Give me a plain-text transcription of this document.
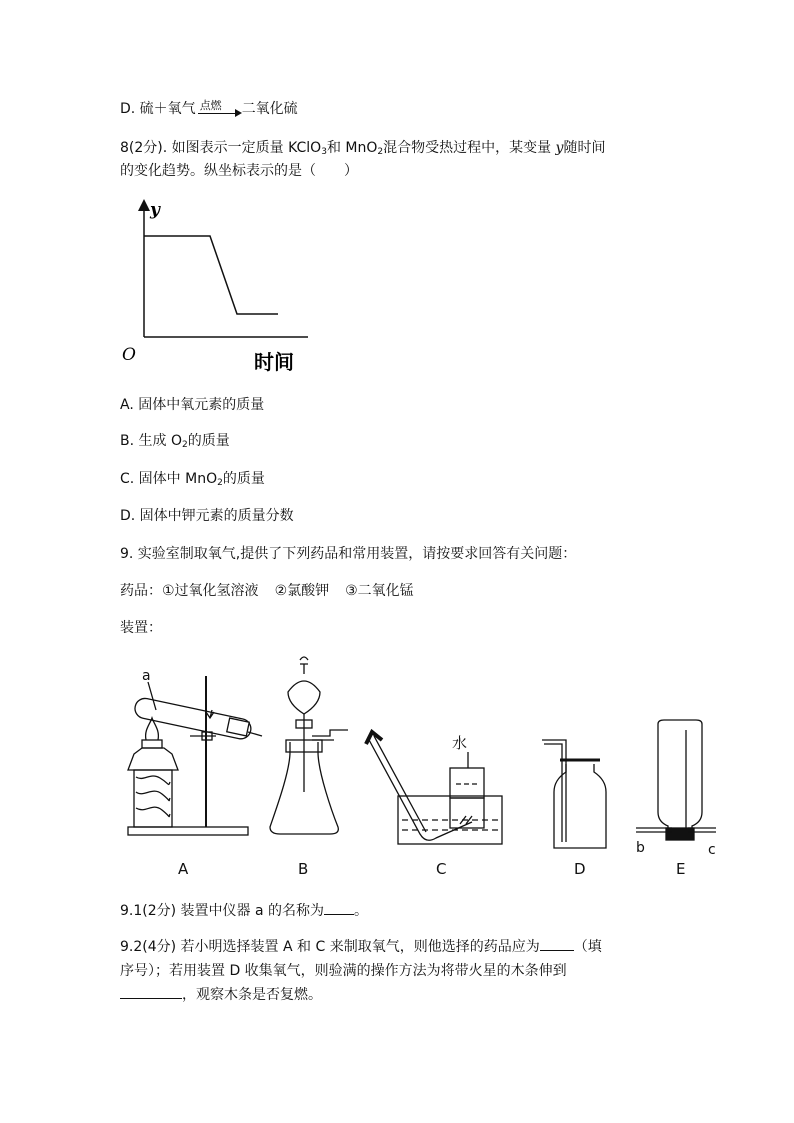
D. 硫＋氧气 点燃 二氧化硫
8(2分). 如图表示一定质量 KClO$_3$和 MnO$_2$混合物受热过程中，某变量 y随时间
的变化趋势。纵坐标表示的是（　　）
y
O	时间
A. 固体中氧元素的质量
B. 生成 $O_2$的质量
C. 固体中 MnO$_2$的质量
D. 固体中钾元素的质量分数
9. 实验室制取氧气,提供了下列药品和常用装置，请按要求回答有关问题：
药品：①过氧化氢溶液 ②氯酸钾 ③二氧化锰
装置：
a
A	B
水
C	D	E
b	c
9.1(2分) 装置中仪器 a 的名称为 。
9.2(4分) 若小明选择装置 A 和 C 来制取氧气，则他选择的药品应为 （填
序号）；若用装置 D 收集氧气，则验满的操作方法为将带火星的木条伸到
，观察木条是否复燃。
